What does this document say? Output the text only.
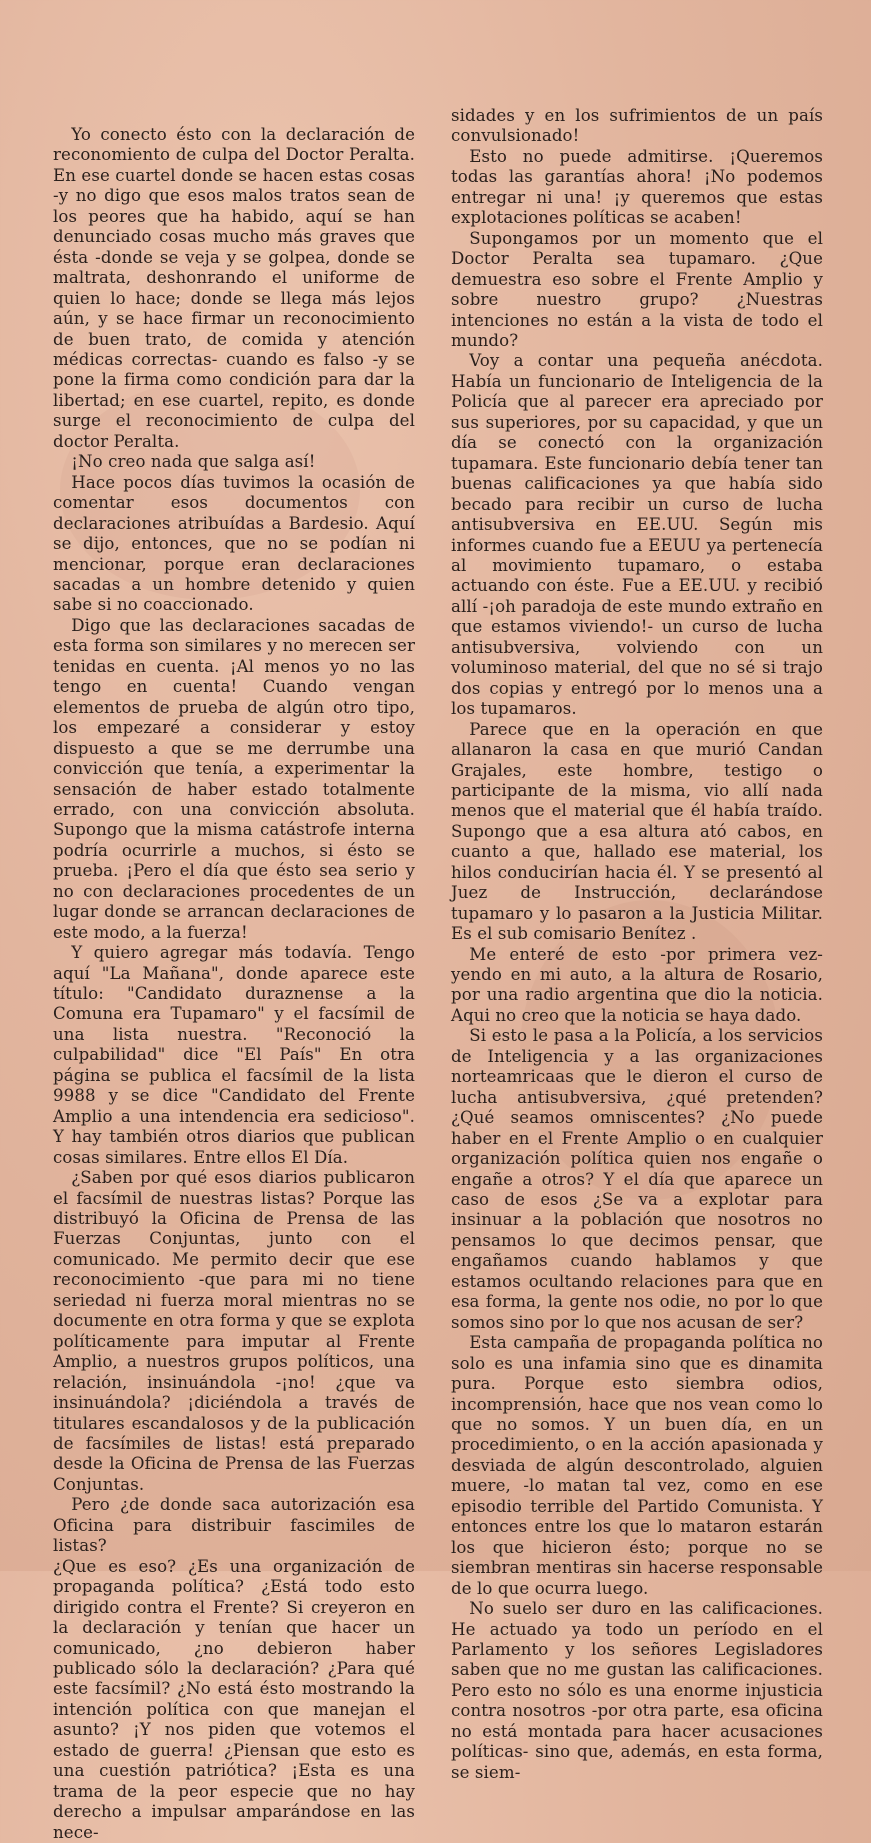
Yo conecto ésto con la declaración de reconomiento de culpa del Doctor Peralta. En ese cuartel donde se hacen estas cosas -y no digo que esos malos tratos sean de los peores que ha habido, aquí se han denunciado cosas mucho más graves que ésta -donde se veja y se golpea, donde se maltrata, deshonrando el uniforme de quien lo hace; donde se llega más lejos aún, y se hace firmar un reconocimiento de buen trato, de comida y atención médicas correctas- cuando es falso -y se pone la firma como condición para dar la libertad; en ese cuartel, repito, es donde surge el reconocimiento de culpa del doctor Peralta.

¡No creo nada que salga así!

Hace pocos días tuvimos la ocasión de comentar esos documentos con declaraciones atribuídas a Bardesio. Aquí se dijo, entonces, que no se podían ni mencionar, porque eran declaraciones sacadas a un hombre detenido y quien sabe si no coaccionado.

Digo que las declaraciones sacadas de esta forma son similares y no merecen ser tenidas en cuenta. ¡Al menos yo no las tengo en cuenta! Cuando vengan elementos de prueba de algún otro tipo, los empezaré a considerar y estoy dispuesto a que se me derrumbe una convicción que tenía, a experimentar la sensación de haber estado totalmente errado, con una convicción absoluta. Supongo que la misma catástrofe interna podría ocurrirle a muchos, si ésto se prueba. ¡Pero el día que ésto sea serio y no con declaraciones procedentes de un lugar donde se arrancan declaraciones de este modo, a la fuerza!

Y quiero agregar más todavía. Tengo aquí "La Mañana", donde aparece este título: "Candidato duraznense a la Comuna era Tupamaro" y el facsímil de una lista nuestra. "Reconoció la culpabilidad" dice "El País" En otra página se publica el facsímil de la lista 9988 y se dice "Candidato del Frente Amplio a una intendencia era sedicioso". Y hay también otros diarios que publican cosas similares. Entre ellos El Día.

¿Saben por qué esos diarios publicaron el facsímil de nuestras listas? Porque las distribuyó la Oficina de Prensa de las Fuerzas Conjuntas, junto con el comunicado. Me permito decir que ese reconocimiento -que para mi no tiene seriedad ni fuerza moral mientras no se documente en otra forma y que se explota políticamente para imputar al Frente Amplio, a nuestros grupos políticos, una relación, insinuándola -¡no! ¿que va insinuándola? ¡diciéndola a través de titulares escandalosos y de la publicación de facsímiles de listas! está preparado desde la Oficina de Prensa de las Fuerzas Conjuntas.

Pero ¿de donde saca autorización esa Oficina para distribuir fascimiles de listas?

¿Que es eso? ¿Es una organización de propaganda política? ¿Está todo esto dirigido contra el Frente? Si creyeron en la declaración y tenían que hacer un comunicado, ¿no debieron haber publicado sólo la declaración? ¿Para qué este facsímil? ¿No está ésto mostrando la intención política con que manejan el asunto? ¡Y nos piden que votemos el estado de guerra! ¿Piensan que esto es una cuestión patriótica? ¡Esta es una trama de la peor especie que no hay derecho a impulsar amparándose en las nece-

sidades y en los sufrimientos de un país convulsionado!

Esto no puede admitirse. ¡Queremos todas las garantías ahora! ¡No podemos entregar ni una! ¡y queremos que estas explotaciones políticas se acaben!

Supongamos por un momento que el Doctor Peralta sea tupamaro. ¿Que demuestra eso sobre el Frente Amplio y sobre nuestro grupo? ¿Nuestras intenciones no están a la vista de todo el mundo?

Voy a contar una pequeña anécdota. Había un funcionario de Inteligencia de la Policía que al parecer era apreciado por sus superiores, por su capacidad, y que un día se conectó con la organización tupamara. Este funcionario debía tener tan buenas calificaciones ya que había sido becado para recibir un curso de lucha antisubversiva en EE.UU. Según mis informes cuando fue a EEUU ya pertenecía al movimiento tupamaro, o estaba actuando con éste. Fue a EE.UU. y recibió allí -¡oh paradoja de este mundo extraño en que estamos viviendo!- un curso de lucha antisubversiva, volviendo con un voluminoso material, del que no sé si trajo dos copias y entregó por lo menos una a los tupamaros.

Parece que en la operación en que allanaron la casa en que murió Candan Grajales, este hombre, testigo o participante de la misma, vio allí nada menos que el material que él había traído. Supongo que a esa altura ató cabos, en cuanto a que, hallado ese material, los hilos conducirían hacia él. Y se presentó al Juez de Instrucción, declarándose tupamaro y lo pasaron a la Justicia Militar. Es el sub comisario Benítez .

Me enteré de esto -por primera vez- yendo en mi auto, a la altura de Rosario, por una radio argentina que dio la noticia. Aqui no creo que la noticia se haya dado.

Si esto le pasa a la Policía, a los servicios de Inteligencia y a las organizaciones norteamricaas que le dieron el curso de lucha antisubversiva, ¿qué pretenden? ¿Qué seamos omniscentes? ¿No puede haber en el Frente Amplio o en cualquier organización política quien nos engañe o engañe a otros? Y el día que aparece un caso de esos ¿Se va a explotar para insinuar a la población que nosotros no pensamos lo que decimos pensar, que engañamos cuando hablamos y que estamos ocultando relaciones para que en esa forma, la gente nos odie, no por lo que somos sino por lo que nos acusan de ser?

Esta campaña de propaganda política no solo es una infamia sino que es dinamita pura. Porque esto siembra odios, incomprensión, hace que nos vean como lo que no somos. Y un buen día, en un procedimiento, o en la acción apasionada y desviada de algún descontrolado, alguien muere, -lo matan tal vez, como en ese episodio terrible del Partido Comunista. Y entonces entre los que lo mataron estarán los que hicieron ésto; porque no se siembran mentiras sin hacerse responsable de lo que ocurra luego.

No suelo ser duro en las calificaciones. He actuado ya todo un período en el Parlamento y los señores Legisladores saben que no me gustan las calificaciones. Pero esto no sólo es una enorme injusticia contra nosotros -por otra parte, esa oficina no está montada para hacer acusaciones políticas- sino que, además, en esta forma, se siem-
